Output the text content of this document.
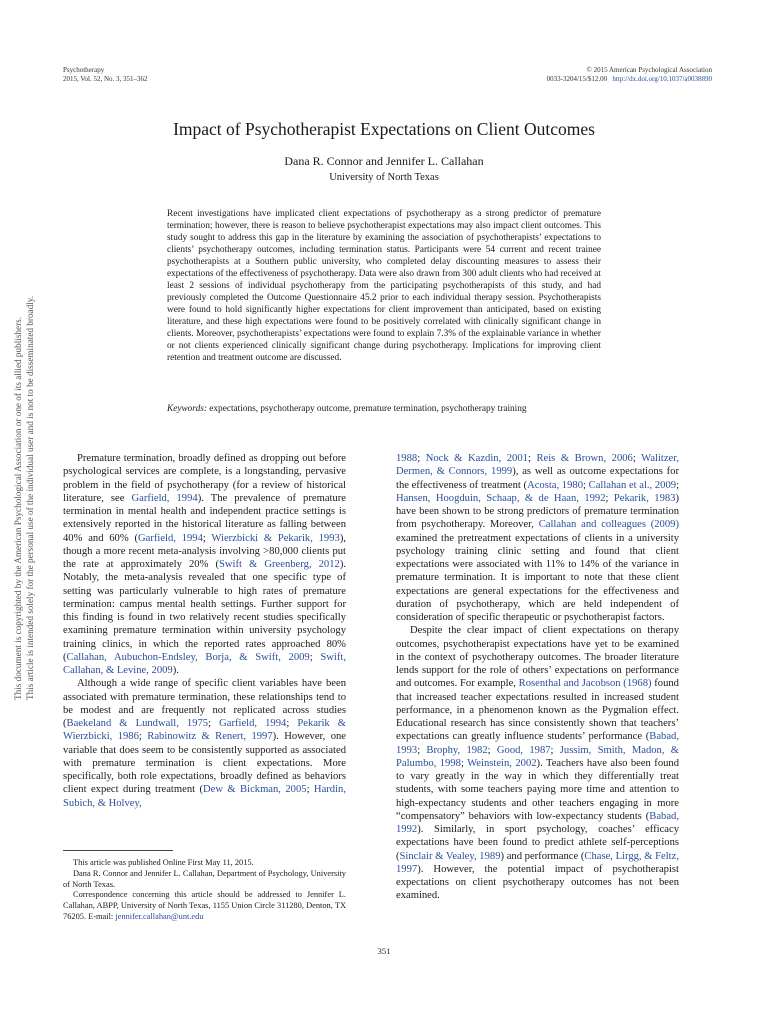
Psychotherapy
2015, Vol. 52, No. 3, 351–362
© 2015 American Psychological Association
0033-3204/15/$12.00 http://dx.doi.org/10.1037/a0038890
Impact of Psychotherapist Expectations on Client Outcomes
Dana R. Connor and Jennifer L. Callahan
University of North Texas
Recent investigations have implicated client expectations of psychotherapy as a strong predictor of premature termination; however, there is reason to believe psychotherapist expectations may also impact client outcomes. This study sought to address this gap in the literature by examining the association of psychotherapists’ expectations to clients’ psychotherapy outcomes, including termination status. Participants were 54 current and recent trainee psychotherapists at a Southern public university, who completed delay discounting measures to assess their expectations of the effectiveness of psychotherapy. Data were also drawn from 300 adult clients who had received at least 2 sessions of individual psychotherapy from the participating psychotherapists of this study, and had previously completed the Outcome Questionnaire 45.2 prior to each individual therapy session. Psychotherapists were found to hold significantly higher expectations for client improvement than anticipated, based on existing literature, and these high expectations were found to be positively correlated with clinically significant change in clients. Moreover, psychotherapists’ expectations were found to explain 7.3% of the explainable variance in whether or not clients experienced clinically significant change during psychotherapy. Implications for improving client retention and treatment outcome are discussed.
Keywords: expectations, psychotherapy outcome, premature termination, psychotherapy training
This document is copyrighted by the American Psychological Association or one of its allied publishers. This article is intended solely for the personal use of the individual user and is not to be disseminated broadly.	Premature termination, broadly defined as dropping out before psychological services are complete, is a longstanding, pervasive problem in the field of psychotherapy (for a review of historical literature, see Garfield, 1994). The prevalence of premature termination in mental health and independent practice settings is extensively reported in the historical literature as falling between 40% and 60% (Garfield, 1994; Wierzbicki & Pekarik, 1993), though a more recent meta-analysis involving >80,000 clients put the rate at approximately 20% (Swift & Greenberg, 2012). Notably, the meta-analysis revealed that one specific type of setting was particularly vulnerable to high rates of premature termination: campus mental health settings. Further support for this finding is found in two relatively recent studies specifically examining premature termination within university psychology training clinics, in which the reported rates approached 80% (Callahan, Aubuchon-Endsley, Borja, & Swift, 2009; Swift, Callahan, & Levine, 2009).

Although a wide range of specific client variables have been associated with premature termination, these relationships tend to be modest and are frequently not replicated across studies (Baekeland & Lundwall, 1975; Garfield, 1994; Pekarik & Wierzbicki, 1986; Rabinowitz & Renert, 1997). However, one variable that does seem to be consistently supported as associated with premature termination is client expectations. More specifically, both role expectations, broadly defined as behaviors client expect during treatment (Dew & Bickman, 2005; Hardin, Subich, & Holvey,

1988; Nock & Kazdin, 2001; Reis & Brown, 2006; Walitzer, Dermen, & Connors, 1999), as well as outcome expectations for the effectiveness of treatment (Acosta, 1980; Callahan et al., 2009; Hansen, Hoogduin, Schaap, & de Haan, 1992; Pekarik, 1983) have been shown to be strong predictors of premature termination from psychotherapy. Moreover, Callahan and colleagues (2009) examined the pretreatment expectations of clients in a university psychology training clinic setting and found that client expectations were associated with 11% to 14% of the variance in premature termination. It is important to note that these client expectations are general expectations for the effectiveness and duration of psychotherapy, which are held independent of consideration of specific therapeutic or psychotherapist factors.

Despite the clear impact of client expectations on therapy outcomes, psychotherapist expectations have yet to be examined in the context of psychotherapy outcomes. The broader literature lends support for the role of others’ expectations on performance and outcomes. For example, Rosenthal and Jacobson (1968) found that increased teacher expectations resulted in increased student performance, in a phenomenon known as the Pygmalion effect. Educational research has since consistently shown that teachers’ expectations can greatly influence students’ performance (Babad, 1993; Brophy, 1982; Good, 1987; Jussim, Smith, Madon, & Palumbo, 1998; Weinstein, 2002). Teachers have also been found to vary greatly in the way in which they differentially treat students, with some teachers paying more time and attention to high-expectancy students and other teachers engaging in more “compensatory” behaviors with low-expectancy students (Babad, 1992). Similarly, in sport psychology, coaches’ efficacy expectations have been found to predict athlete self-perceptions (Sinclair & Vealey, 1989) and performance (Chase, Lirgg, & Feltz, 1997). However, the potential impact of psychotherapist expectations on client psychotherapy outcomes has not been examined.

This article was published Online First May 11, 2015.

Dana R. Connor and Jennifer L. Callahan, Department of Psychology, University of North Texas.

Correspondence concerning this article should be addressed to Jennifer L. Callahan, ABPP, University of North Texas, 1155 Union Circle 311280, Denton, TX 76205. E-mail: jennifer.callahan@unt.edu

351
